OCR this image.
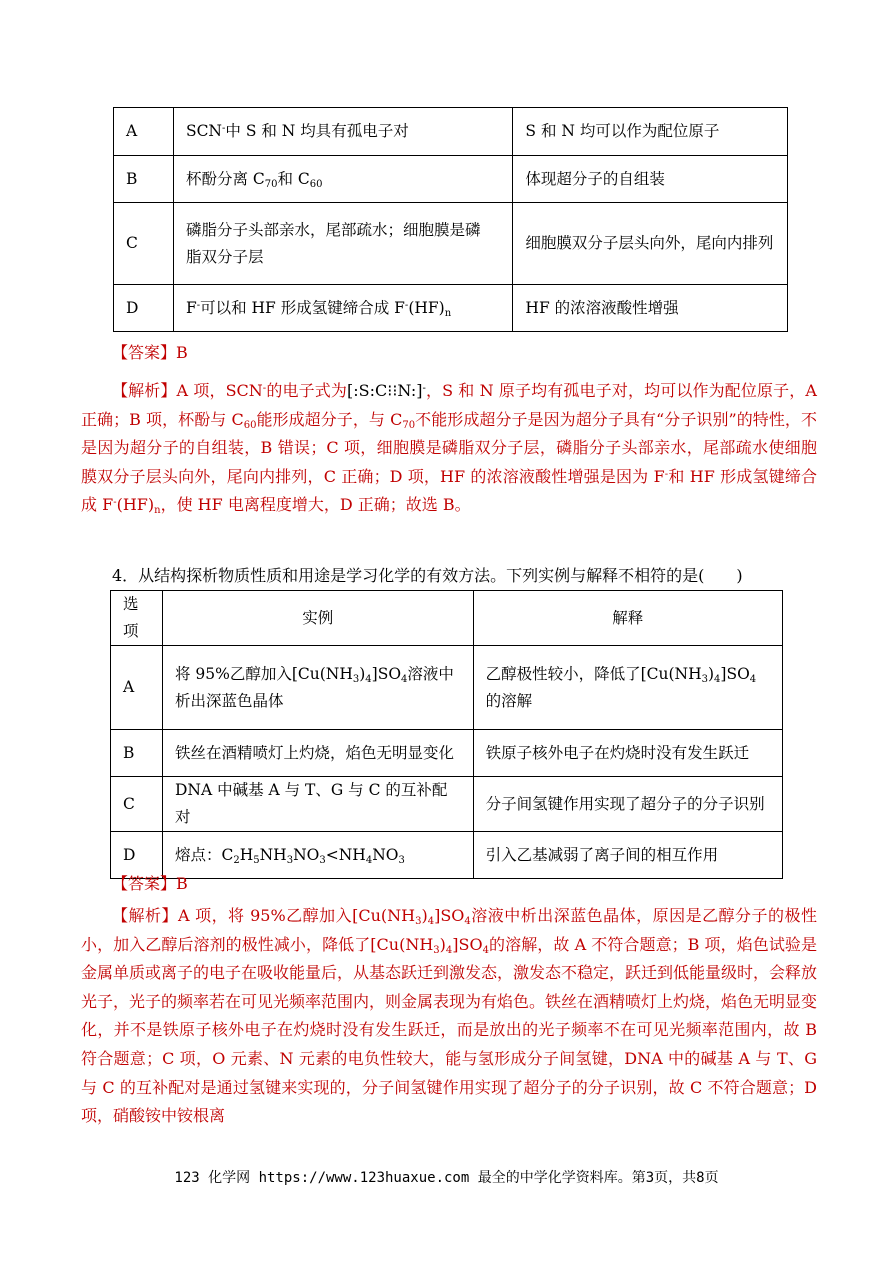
A	SCN-中 S 和 N 均具有孤电子对	S 和 N 均可以作为配位原子
B	杯酚分离 $C_{70}$和 $C_{60}$	体现超分子的自组装
C	磷脂分子头部亲水，尾部疏水；细胞膜是磷脂双分子层	细胞膜双分子层头向外，尾向内排列
D	F-可以和 HF 形成氢键缔合成 $F^-(HF)_n$	HF 的浓溶液酸性增强
【答案】B
【解析】A 项，SCN-的电子式为[:S:C⁝⁝N:]-，S 和 N 原子均有孤电子对，均可以作为配位原子，A 正确；B 项，杯酚与 $C_{60}$能形成超分子，与 $C_{70}$不能形成超分子是因为超分子具有“分子识别”的特性，不是因为超分子的自组装，B 错误；C 项，细胞膜是磷脂双分子层，磷脂分子头部亲水，尾部疏水使细胞膜双分子层头向外，尾向内排列，C 正确；D 项，HF 的浓溶液酸性增强是因为 F-和 HF 形成氢键缔合成 $F^-(HF)_n$，使 HF 电离程度增大，D 正确；故选 B。
4．从结构探析物质性质和用途是学习化学的有效方法。下列实例与解释不相符的是(　　)
选项	实例	解释
A	将 95%乙醇加入$[Cu(NH_3)_4]SO_4$溶液中析出深蓝色晶体	乙醇极性较小，降低了$[Cu(NH_3)_4]SO_4$的溶解
B	铁丝在酒精喷灯上灼烧，焰色无明显变化	铁原子核外电子在灼烧时没有发生跃迁
C	DNA 中碱基 A 与 T、G 与 C 的互补配对	分子间氢键作用实现了超分子的分子识别
D	熔点：$C_2H_5NH_3NO_3<NH_4NO_3$	引入乙基减弱了离子间的相互作用
【答案】B
【解析】A 项，将 95%乙醇加入$[Cu(NH_3)_4]SO_4$溶液中析出深蓝色晶体，原因是乙醇分子的极性小，加入乙醇后溶剂的极性减小，降低了$[Cu(NH_3)_4]SO_4$的溶解，故 A 不符合题意；B 项，焰色试验是金属单质或离子的电子在吸收能量后，从基态跃迁到激发态，激发态不稳定，跃迁到低能量级时，会释放光子，光子的频率若在可见光频率范围内，则金属表现为有焰色。铁丝在酒精喷灯上灼烧，焰色无明显变化，并不是铁原子核外电子在灼烧时没有发生跃迁，而是放出的光子频率不在可见光频率范围内，故 B 符合题意；C 项，O 元素、N 元素的电负性较大，能与氢形成分子间氢键，DNA 中的碱基 A 与 T、G 与 C 的互补配对是通过氢键来实现的，分子间氢键作用实现了超分子的分子识别，故 C 不符合题意；D 项，硝酸铵中铵根离
123 化学网 https://www.123huaxue.com 最全的中学化学资料库。第3页，共8页
